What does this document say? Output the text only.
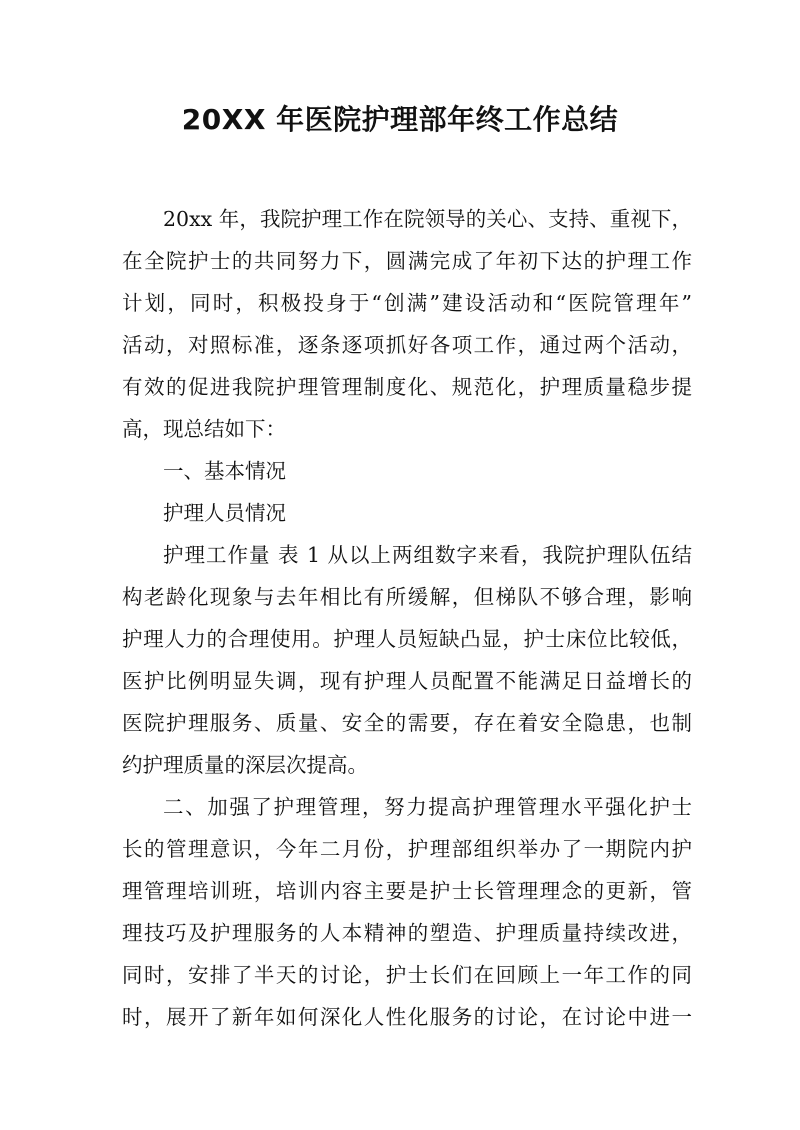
20XX 年医院护理部年终工作总结
20xx 年，我院护理工作在院领导的关心、支持、重视下，
在全院护士的共同努力下，圆满完成了年初下达的护理工作
计划，同时，积极投身于“创满”建设活动和“医院管理年”
活动，对照标准，逐条逐项抓好各项工作，通过两个活动，
有效的促进我院护理管理制度化、规范化，护理质量稳步提
高，现总结如下：
一、基本情况
护理人员情况
护理工作量 表 1 从以上两组数字来看，我院护理队伍结
构老龄化现象与去年相比有所缓解，但梯队不够合理，影响
护理人力的合理使用。护理人员短缺凸显，护士床位比较低，
医护比例明显失调，现有护理人员配置不能满足日益增长的
医院护理服务、质量、安全的需要，存在着安全隐患，也制
约护理质量的深层次提高。
二、加强了护理管理，努力提高护理管理水平强化护士
长的管理意识，今年二月份，护理部组织举办了一期院内护
理管理培训班，培训内容主要是护士长管理理念的更新，管
理技巧及护理服务的人本精神的塑造、护理质量持续改进，
同时，安排了半天的讨论，护士长们在回顾上一年工作的同
时，展开了新年如何深化人性化服务的讨论，在讨论中进一
